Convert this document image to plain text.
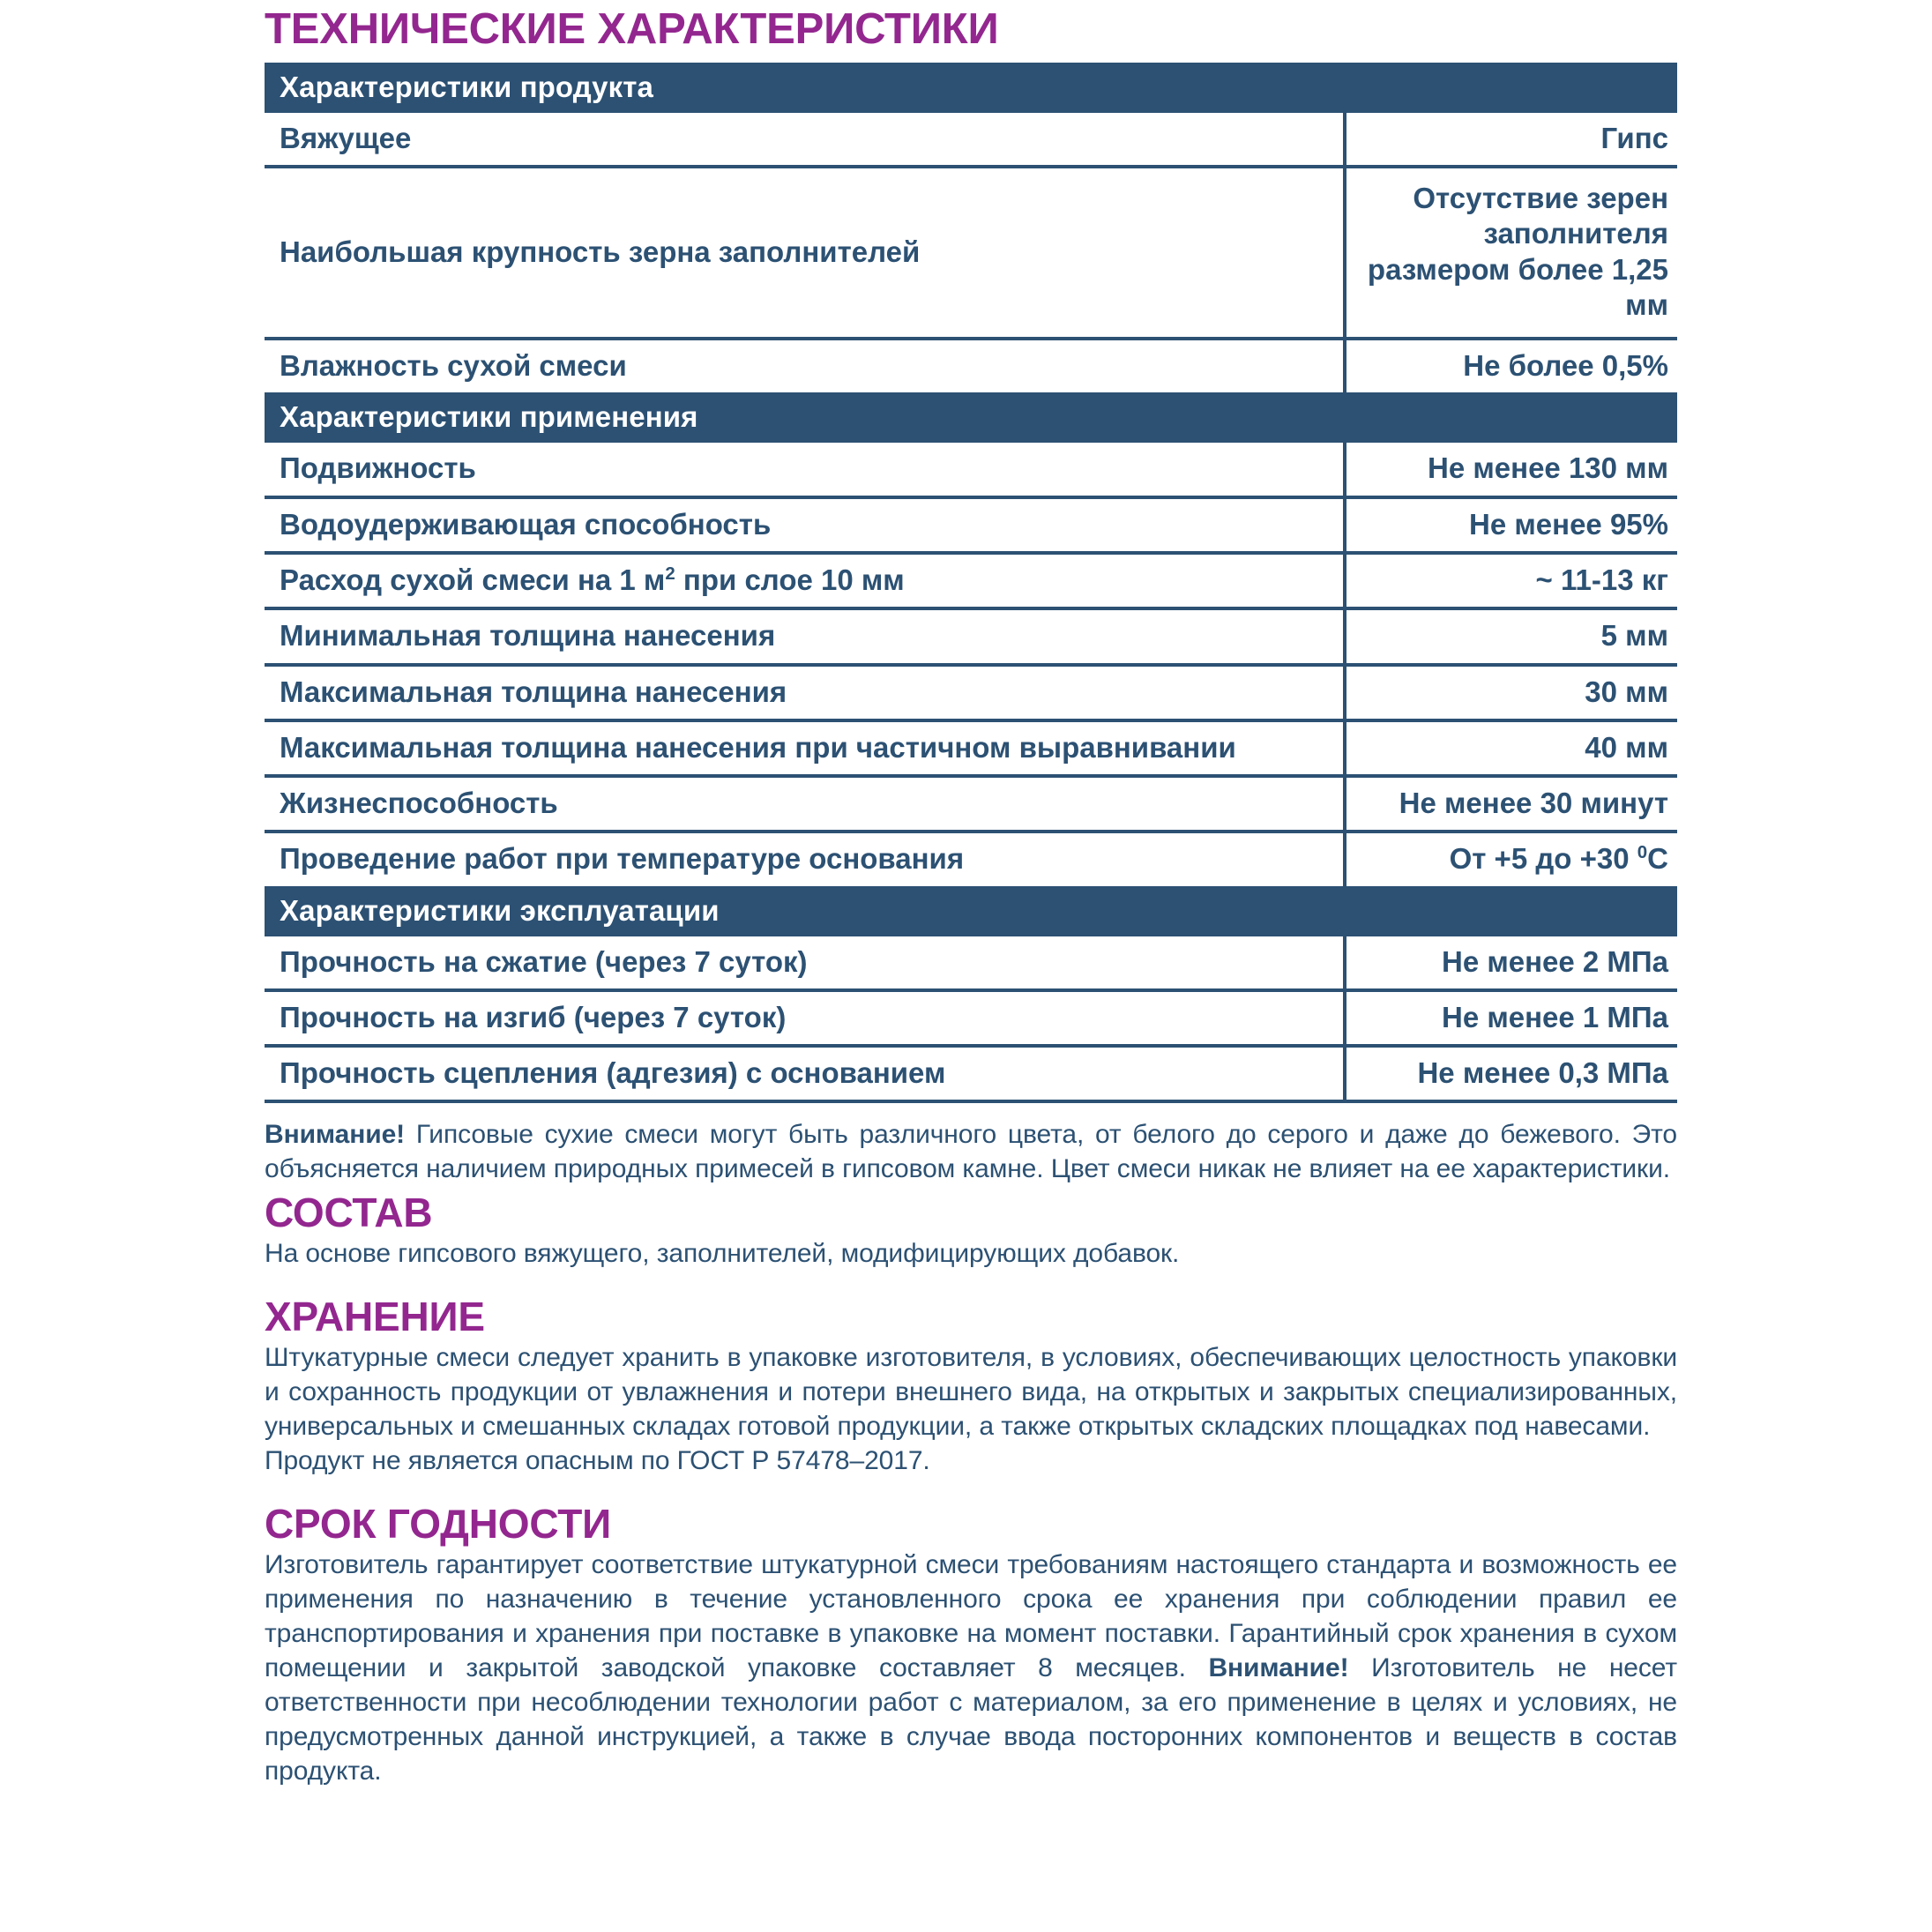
ТЕХНИЧЕСКИЕ ХАРАКТЕРИСТИКИ
Характеристики продукта	
Вяжущее	Гипс
Наибольшая крупность зерна заполнителей	Отсутствие зерен заполнителя размером более 1,25 мм
Влажность сухой смеси	Не более 0,5%
Характеристики применения	
Подвижность	Не менее 130 мм
Водоудерживающая способность	Не менее 95%
Расход сухой смеси на 1 $м^2$ при слое 10 мм	~ 11-13 кг
Минимальная толщина нанесения	5 мм
Максимальная толщина нанесения	30 мм
Максимальная толщина нанесения при частичном выравнивании	40 мм
Жизнеспособность	Не менее 30 минут
Проведение работ при температуре основания	От +5 до +30 $^0$С
Характеристики эксплуатации	
Прочность на сжатие (через 7 суток)	Не менее 2 МПа
Прочность на изгиб (через 7 суток)	Не менее 1 МПа
Прочность сцепления (адгезия) с основанием	Не менее 0,3 МПа

Внимание! Гипсовые сухие смеси могут быть различного цвета, от белого до серого и даже до бежевого. Это объясняется наличием природных примесей в гипсовом камне. Цвет смеси никак не влияет на ее характеристики.

СОСТАВ

На основе гипсового вяжущего, заполнителей, модифицирующих добавок.

ХРАНЕНИЕ

Штукатурные смеси следует хранить в упаковке изготовителя, в условиях, обеспечивающих целостность упаковки и сохранность продукции от увлажнения и потери внешнего вида, на открытых и закрытых специализированных, универсальных и смешанных складах готовой продукции, а также открытых складских площадках под навесами.

Продукт не является опасным по ГОСТ Р 57478–2017.

СРОК ГОДНОСТИ

Изготовитель гарантирует соответствие штукатурной смеси требованиям настоящего стандарта и возможность ее применения по назначению в течение установленного срока ее хранения при соблюдении правил ее транспортирования и хранения при поставке в упаковке на момент поставки. Гарантийный срок хранения в сухом помещении и закрытой заводской упаковке составляет 8 месяцев. Внимание! Изготовитель не несет ответственности при несоблюдении технологии работ с материалом, за его применение в целях и условиях, не предусмотренных данной инструкцией, а также в случае ввода посторонних компонентов и веществ в состав продукта.
